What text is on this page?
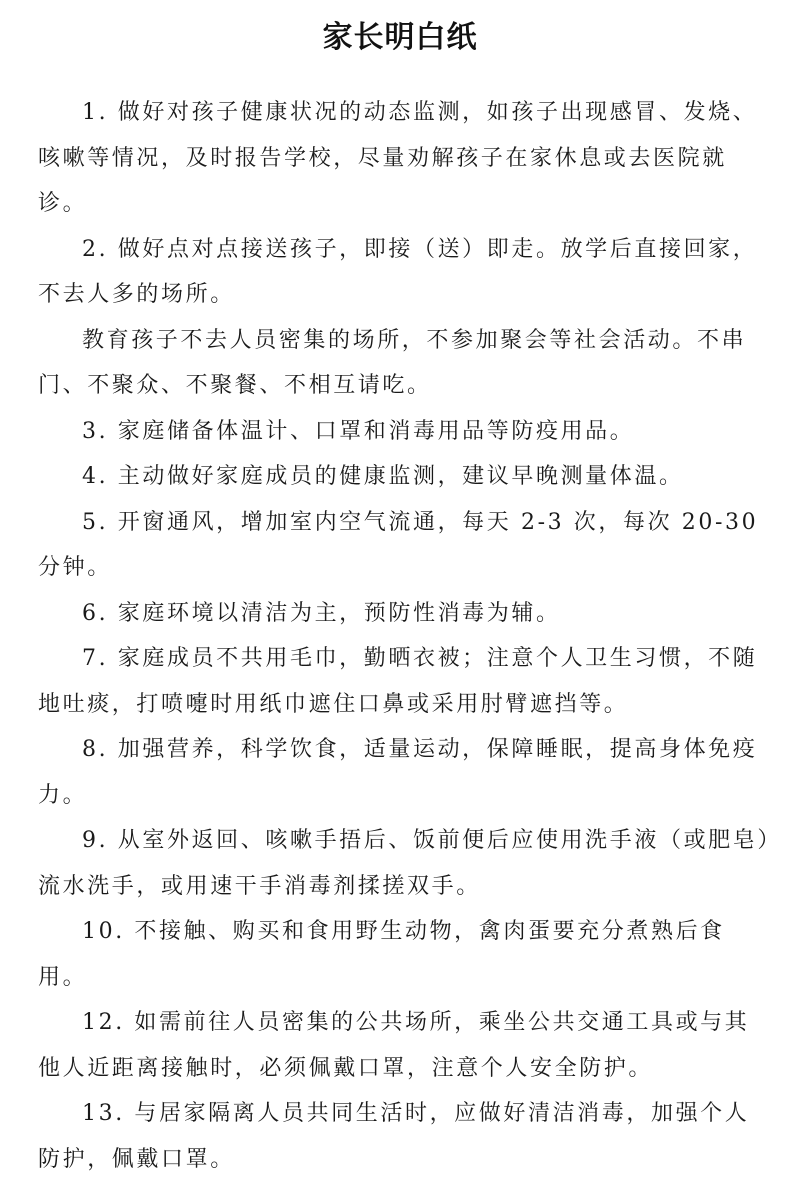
家长明白纸

1. 做好对孩子健康状况的动态监测，如孩子出现感冒、发烧、咳嗽等情况，及时报告学校，尽量劝解孩子在家休息或去医院就诊。

2. 做好点对点接送孩子，即接（送）即走。放学后直接回家，不去人多的场所。

教育孩子不去人员密集的场所，不参加聚会等社会活动。不串门、不聚众、不聚餐、不相互请吃。

3. 家庭储备体温计、口罩和消毒用品等防疫用品。

4. 主动做好家庭成员的健康监测，建议早晚测量体温。

5. 开窗通风，增加室内空气流通，每天 2-3 次，每次 20-30 分钟。

6. 家庭环境以清洁为主，预防性消毒为辅。

7. 家庭成员不共用毛巾，勤晒衣被；注意个人卫生习惯，不随地吐痰，打喷嚏时用纸巾遮住口鼻或采用肘臂遮挡等。

8. 加强营养，科学饮食，适量运动，保障睡眠，提高身体免疫力。

9. 从室外返回、咳嗽手捂后、饭前便后应使用洗手液（或肥皂）流水洗手，或用速干手消毒剂揉搓双手。

10. 不接触、购买和食用野生动物，禽肉蛋要充分煮熟后食用。

12. 如需前往人员密集的公共场所，乘坐公共交通工具或与其他人近距离接触时，必须佩戴口罩，注意个人安全防护。

13. 与居家隔离人员共同生活时，应做好清洁消毒，加强个人防护，佩戴口罩。
